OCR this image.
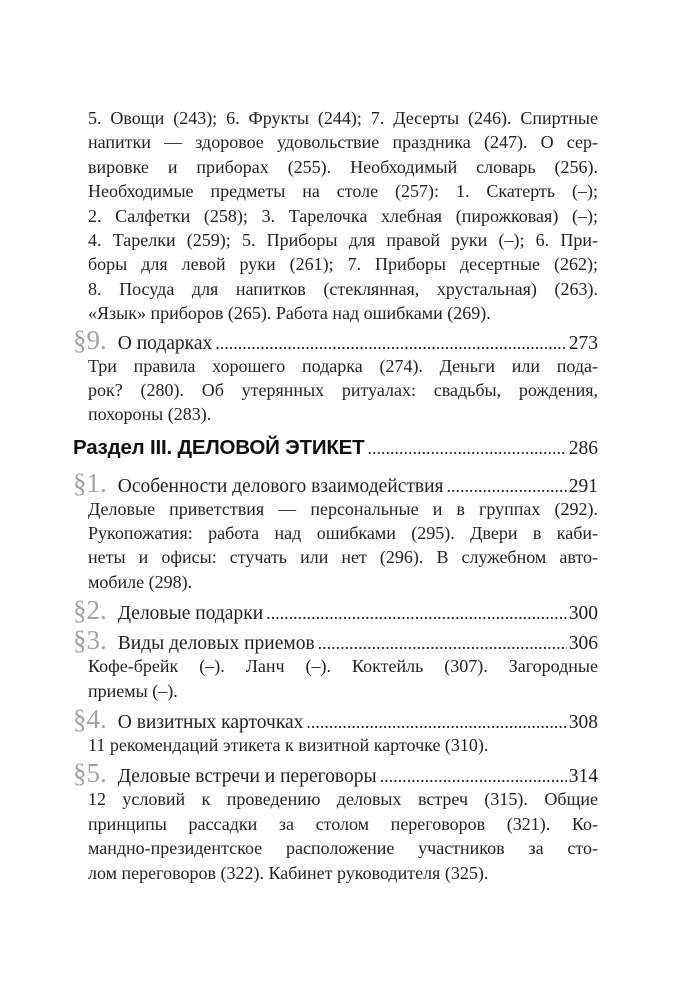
5. Овощи (243); 6. Фрукты (244); 7. Десерты (246). Спиртные
напитки — здоровое удовольствие праздника (247). О сер-
вировке и приборах (255). Необходимый словарь (256).
Необходимые предметы на столе (257): 1. Скатерть (–);
2. Салфетки (258); 3. Тарелочка хлебная (пирожковая) (–);
4. Тарелки (259); 5. Приборы для правой руки (–); 6. При-
боры для левой руки (261); 7. Приборы десертные (262);
8. Посуда для напитков (стеклянная, хрустальная) (263).
«Язык» приборов (265). Работа над ошибками (269).
§9. О подарках .....	273
Три правила хорошего подарка (274). Деньги или пода-
рок? (280). Об утерянных ритуалах: свадьбы, рождения,
похороны (283).
Раздел III. ДЕЛОВОЙ ЭТИКЕТ .....	286
§1. Особенности делового взаимодействия .....	291
Деловые приветствия — персональные и в группах (292).
Рукопожатия: работа над ошибками (295). Двери в каби-
неты и офисы: стучать или нет (296). В служебном авто-
мобиле (298).
§2. Деловые подарки .....	300
§3. Виды деловых приемов .....	306
Кофе-брейк (–). Ланч (–). Коктейль (307). Загородные
приемы (–).
§4. О визитных карточках .....	308
11 рекомендаций этикета к визитной карточке (310).
§5. Деловые встречи и переговоры .....	314
12 условий к проведению деловых встреч (315). Общие
принципы рассадки за столом переговоров (321). Ко-
мандно-президентское расположение участников за сто-
лом переговоров (322). Кабинет руководителя (325).
